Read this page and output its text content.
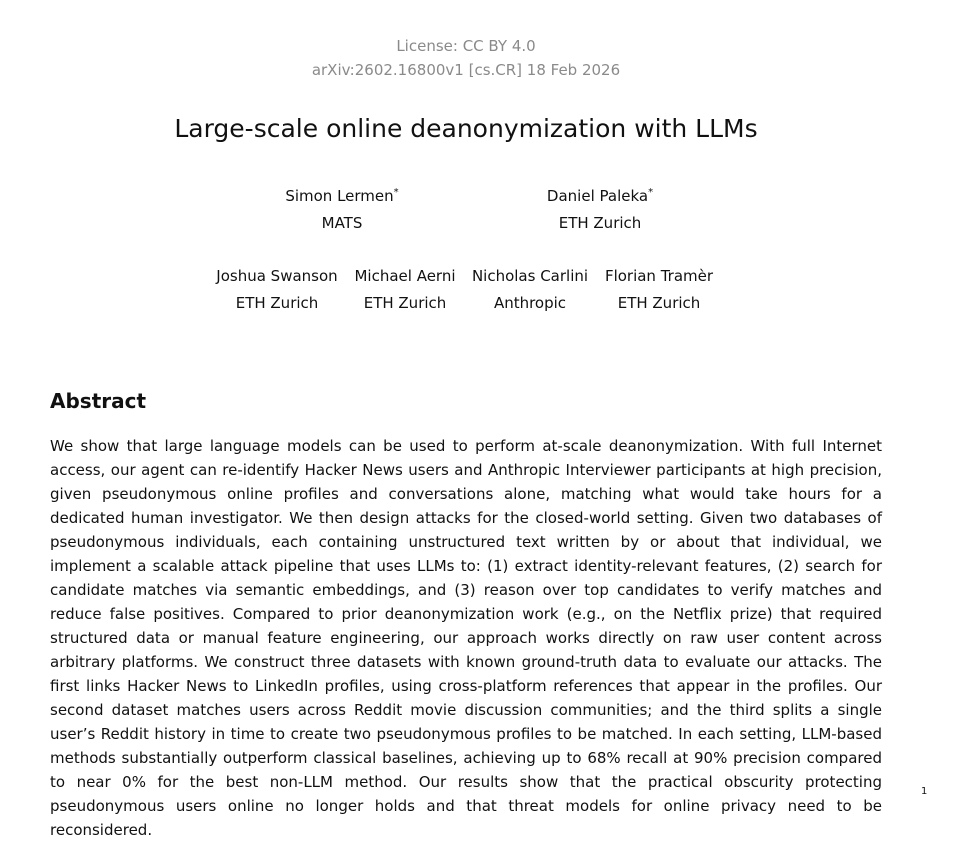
License: CC BY 4.0
arXiv:2602.16800v1 [cs.CR] 18 Feb 2026
Large-scale online deanonymization with LLMs
Simon Lermen*
MATS
Daniel Paleka*
ETH Zurich
Joshua Swanson
ETH Zurich
Michael Aerni
ETH Zurich
Nicholas Carlini
Anthropic
Florian Tramèr
ETH Zurich
Abstract

We show that large language models can be used to perform at-scale deanonymization. With full Internet access, our agent can re-identify Hacker News users and Anthropic Interviewer participants at high precision, given pseudonymous online profiles and conversations alone, matching what would take hours for a dedicated human investigator. We then design attacks for the closed-world setting. Given two databases of pseudonymous individuals, each containing unstructured text written by or about that individual, we implement a scalable attack pipeline that uses LLMs to: (1) extract identity-relevant features, (2) search for candidate matches via semantic embeddings, and (3) reason over top candidates to verify matches and reduce false positives. Compared to prior deanonymization work (e.g., on the Netflix prize) that required structured data or manual feature engineering, our approach works directly on raw user content across arbitrary platforms. We construct three datasets with known ground-truth data to evaluate our attacks. The first links Hacker News to LinkedIn profiles, using cross-platform references that appear in the profiles. Our second dataset matches users across Reddit movie discussion communities; and the third splits a single user’s Reddit history in time to create two pseudonymous profiles to be matched. In each setting, LLM-based methods substantially outperform classical baselines, achieving up to 68% recall at 90% precision compared to near 0% for the best non-LLM method. Our results show that the practical obscurity protecting pseudonymous users online no longer holds and that threat models for online privacy need to be reconsidered.

1
